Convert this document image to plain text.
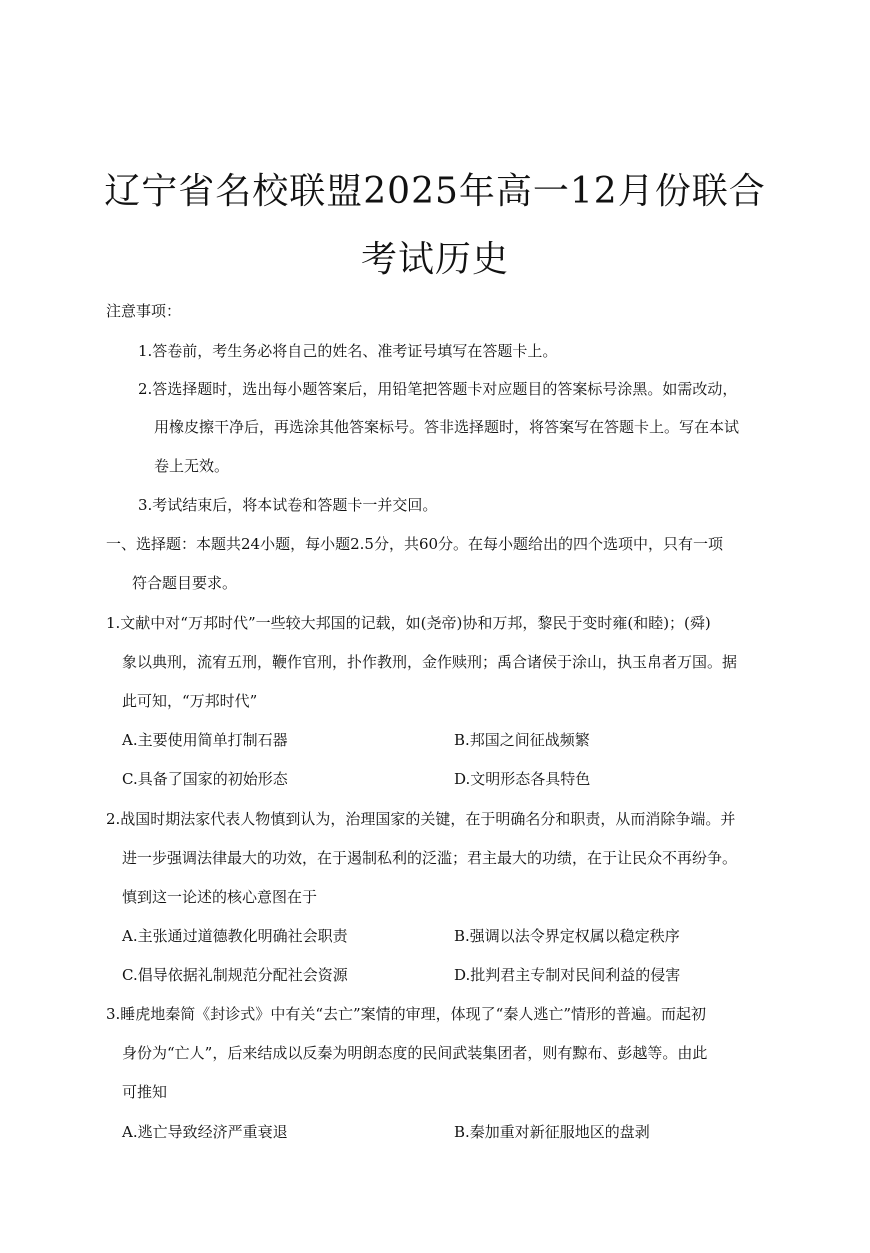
辽宁省名校联盟2025年高一12月份联合
考试历史
注意事项：
1.答卷前，考生务必将自己的姓名、准考证号填写在答题卡上。
2.答选择题时，选出每小题答案后，用铅笔把答题卡对应题目的答案标号涂黑。如需改动，
用橡皮擦干净后，再选涂其他答案标号。答非选择题时，将答案写在答题卡上。写在本试
卷上无效。
3.考试结束后，将本试卷和答题卡一并交回。
一、选择题：本题共24小题，每小题2.5分，共60分。在每小题给出的四个选项中，只有一项
符合题目要求。
1.文献中对“万邦时代”一些较大邦国的记载，如(尧帝)协和万邦，黎民于变时雍(和睦)；(舜)
象以典刑，流宥五刑，鞭作官刑，扑作教刑，金作赎刑；禹合诸侯于涂山，执玉帛者万国。据
此可知，“万邦时代”
A.主要使用简单打制石器	B.邦国之间征战频繁
C.具备了国家的初始形态	D.文明形态各具特色
2.战国时期法家代表人物慎到认为，治理国家的关键，在于明确名分和职责，从而消除争端。并
进一步强调法律最大的功效，在于遏制私利的泛滥；君主最大的功绩，在于让民众不再纷争。
慎到这一论述的核心意图在于
A.主张通过道德教化明确社会职责	B.强调以法令界定权属以稳定秩序
C.倡导依据礼制规范分配社会资源	D.批判君主专制对民间利益的侵害
3.睡虎地秦简《封诊式》中有关“去亡”案情的审理，体现了“秦人逃亡”情形的普遍。而起初
身份为“亡人”，后来结成以反秦为明朗态度的民间武装集团者，则有黥布、彭越等。由此
可推知
A.逃亡导致经济严重衰退	B.秦加重对新征服地区的盘剥
